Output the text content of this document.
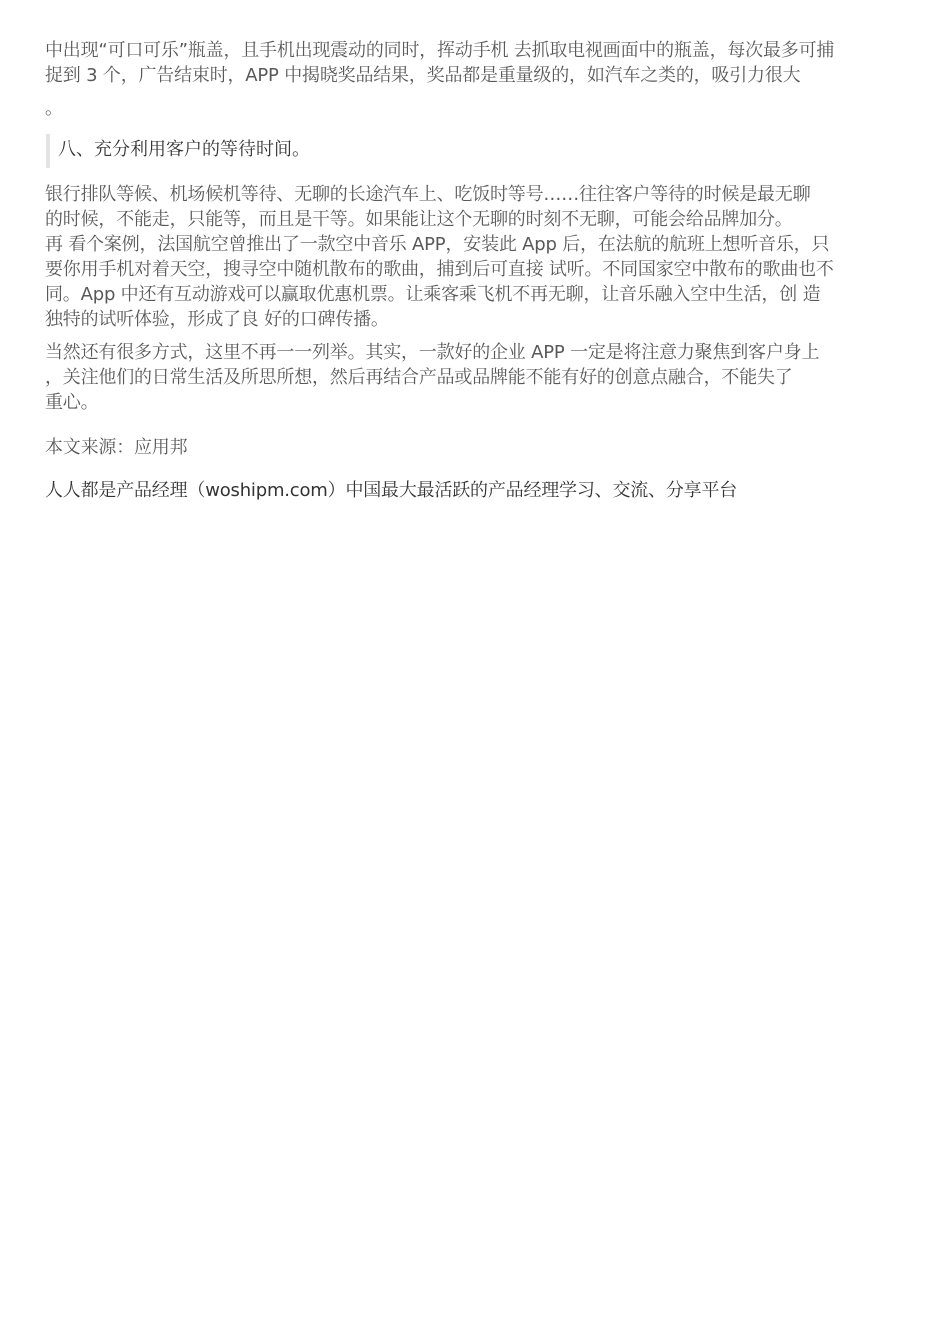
中出现“可口可乐”瓶盖，且手机出现震动的同时，挥动手机 去抓取电视画面中的瓶盖，每次最多可捕
捉到 3 个，广告结束时，APP 中揭晓奖品结果，奖品都是重量级的，如汽车之类的，吸引力很大

。

八、充分利用客户的等待时间。

银行排队等候、机场候机等待、无聊的长途汽车上、吃饭时等号……往往客户等待的时候是最无聊
的时候，不能走，只能等，而且是干等。如果能让这个无聊的时刻不无聊，可能会给品牌加分。
再 看个案例，法国航空曾推出了一款空中音乐 APP，安装此 App 后，在法航的航班上想听音乐，只
要你用手机对着天空，搜寻空中随机散布的歌曲，捕到后可直接 试听。不同国家空中散布的歌曲也不
同。App 中还有互动游戏可以赢取优惠机票。让乘客乘飞机不再无聊，让音乐融入空中生活，创 造
独特的试听体验，形成了良 好的口碑传播。

当然还有很多方式，这里不再一一列举。其实，一款好的企业 APP 一定是将注意力聚焦到客户身上
，关注他们的日常生活及所思所想，然后再结合产品或品牌能不能有好的创意点融合，不能失了
重心。

本文来源：应用邦

人人都是产品经理（woshipm.com）中国最大最活跃的产品经理学习、交流、分享平台
